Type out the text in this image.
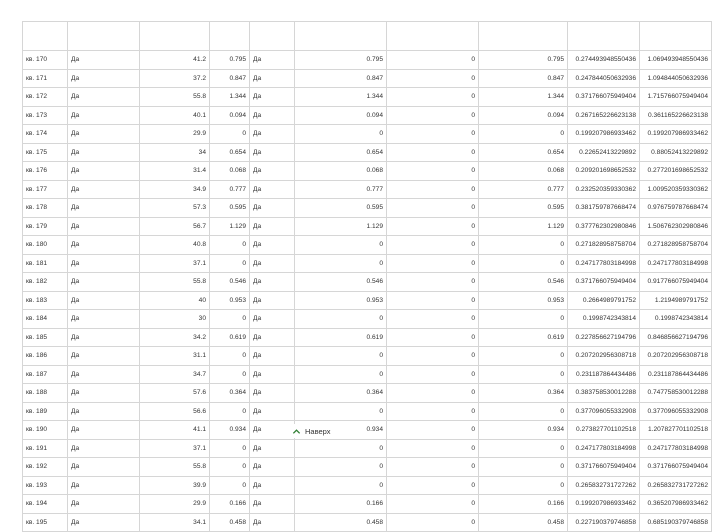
кв. 170	Да	41.2	0.795	Да	0.795	0	0.795	0.274493948550436	1.069493948550436
кв. 171	Да	37.2	0.847	Да	0.847	0	0.847	0.247844050632936	1.094844050632936
кв. 172	Да	55.8	1.344	Да	1.344	0	1.344	0.371766075949404	1.715766075949404
кв. 173	Да	40.1	0.094	Да	0.094	0	0.094	0.267165226623138	0.361165226623138
кв. 174	Да	29.9	0	Да	0	0	0	0.199207986933462	0.199207986933462
кв. 175	Да	34	0.654	Да	0.654	0	0.654	0.22652413229892	0.88052413229892
кв. 176	Да	31.4	0.068	Да	0.068	0	0.068	0.209201698652532	0.277201698652532
кв. 177	Да	34.9	0.777	Да	0.777	0	0.777	0.232520359330362	1.009520359330362
кв. 178	Да	57.3	0.595	Да	0.595	0	0.595	0.381759787668474	0.976759787668474
кв. 179	Да	56.7	1.129	Да	1.129	0	1.129	0.377762302980846	1.506762302980846
кв. 180	Да	40.8	0	Да	0	0	0	0.271828958758704	0.271828958758704
кв. 181	Да	37.1	0	Да	0	0	0	0.247177803184998	0.247177803184998
кв. 182	Да	55.8	0.546	Да	0.546	0	0.546	0.371766075949404	0.917766075949404
кв. 183	Да	40	0.953	Да	0.953	0	0.953	0.2664989791752	1.2194989791752
кв. 184	Да	30	0	Да	0	0	0	0.1998742343814	0.1998742343814
кв. 185	Да	34.2	0.619	Да	0.619	0	0.619	0.227856627194796	0.846856627194796
кв. 186	Да	31.1	0	Да	0	0	0	0.207202956308718	0.207202956308718
кв. 187	Да	34.7	0	Да	0	0	0	0.231187864434486	0.231187864434486
кв. 188	Да	57.6	0.364	Да	0.364	0	0.364	0.383758530012288	0.747758530012288
кв. 189	Да	56.6	0	Да	0	0	0	0.377096055332908	0.377096055332908
кв. 190	Да	41.1	0.934	Да	0.934	0	0.934	0.273827701102518	1.207827701102518
кв. 191	Да	37.1	0	Да	0	0	0	0.247177803184998	0.247177803184998
кв. 192	Да	55.8	0	Да	0	0	0	0.371766075949404	0.371766075949404
кв. 193	Да	39.9	0	Да	0	0	0	0.265832731727262	0.265832731727262
кв. 194	Да	29.9	0.166	Да	0.166	0	0.166	0.199207986933462	0.365207986933462
кв. 195	Да	34.1	0.458	Да	0.458	0	0.458	0.227190379746858	0.685190379746858
Наверх
